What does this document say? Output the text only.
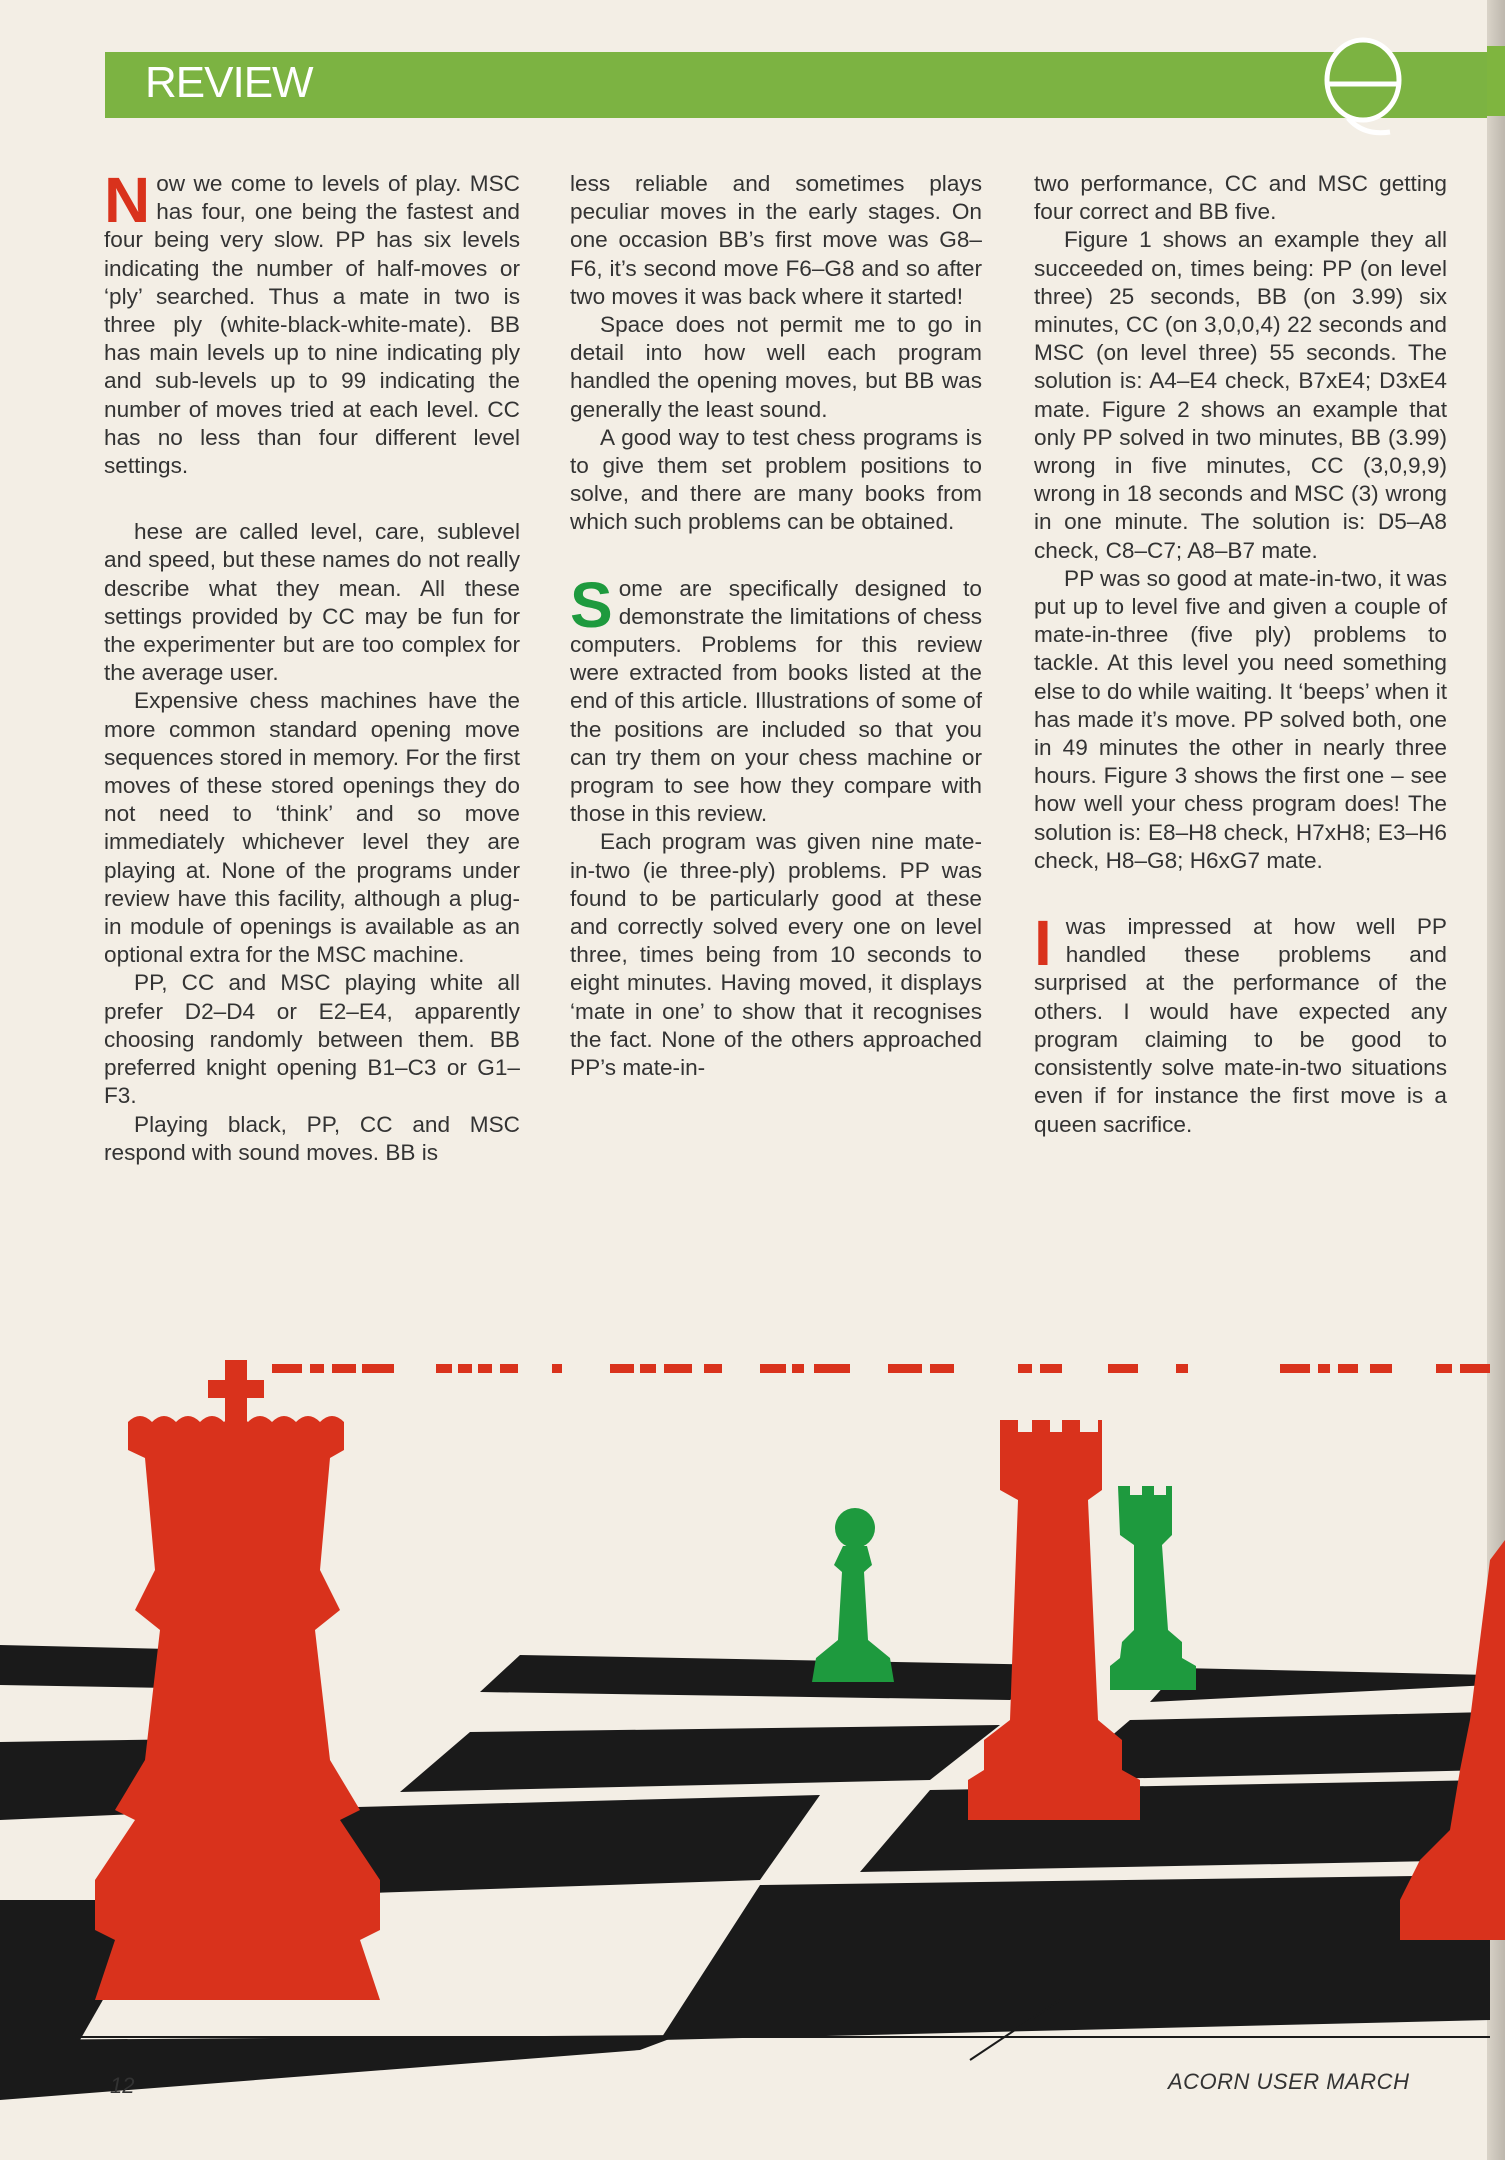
REVIEW

Now we come to levels of play. MSC has four, one being the fastest and four being very slow. PP has six levels indicating the number of half-moves or ‘ply’ searched. Thus a mate in two is three ply (white-black-white-mate). BB has main levels up to nine indicating ply and sub-levels up to 99 indicating the number of moves tried at each level. CC has no less than four different level settings.

hese are called level, care, sublevel and speed, but these names do not really describe what they mean. All these settings provided by CC may be fun for the experimenter but are too complex for the average user.

Expensive chess machines have the more common standard opening move sequences stored in memory. For the first moves of these stored openings they do not need to ‘think’ and so move immediately whichever level they are playing at. None of the programs under review have this facility, although a plug-in module of openings is available as an optional extra for the MSC machine.

PP, CC and MSC playing white all prefer D2–D4 or E2–E4, apparently choosing randomly between them. BB preferred knight opening B1–C3 or G1–F3.

Playing black, PP, CC and MSC respond with sound moves. BB is

less reliable and sometimes plays peculiar moves in the early stages. On one occasion BB’s first move was G8–F6, it’s second move F6–G8 and so after two moves it was back where it started!

Space does not permit me to go in detail into how well each program handled the opening moves, but BB was generally the least sound.

A good way to test chess programs is to give them set problem positions to solve, and there are many books from which such problems can be obtained.

Some are specifically designed to demonstrate the limitations of chess computers. Problems for this review were extracted from books listed at the end of this article. Illustrations of some of the positions are included so that you can try them on your chess machine or program to see how they compare with those in this review.

Each program was given nine mate-in-two (ie three-ply) problems. PP was found to be particularly good at these and correctly solved every one on level three, times being from 10 seconds to eight minutes. Having moved, it displays ‘mate in one’ to show that it recognises the fact. None of the others approached PP’s mate-in-

two performance, CC and MSC getting four correct and BB five.

Figure 1 shows an example they all succeeded on, times being: PP (on level three) 25 seconds, BB (on 3.99) six minutes, CC (on 3,0,0,4) 22 seconds and MSC (on level three) 55 seconds. The solution is: A4–E4 check, B7xE4; D3xE4 mate. Figure 2 shows an example that only PP solved in two minutes, BB (3.99) wrong in five minutes, CC (3,0,9,9) wrong in 18 seconds and MSC (3) wrong in one minute. The solution is: D5–A8 check, C8–C7; A8–B7 mate.

PP was so good at mate-in-two, it was put up to level five and given a couple of mate-in-three (five ply) problems to tackle. At this level you need something else to do while waiting. It ‘beeps’ when it has made it’s move. PP solved both, one in 49 minutes the other in nearly three hours. Figure 3 shows the first one – see how well your chess program does! The solution is: E8–H8 check, H7xH8; E3–H6 check, H8–G8; H6xG7 mate.

Iwas impressed at how well PP handled these problems and surprised at the performance of the others. I would have expected any program claiming to be good to consistently solve mate-in-two situations even if for instance the first move is a queen sacrifice.

12	ACORN USER MARCH
